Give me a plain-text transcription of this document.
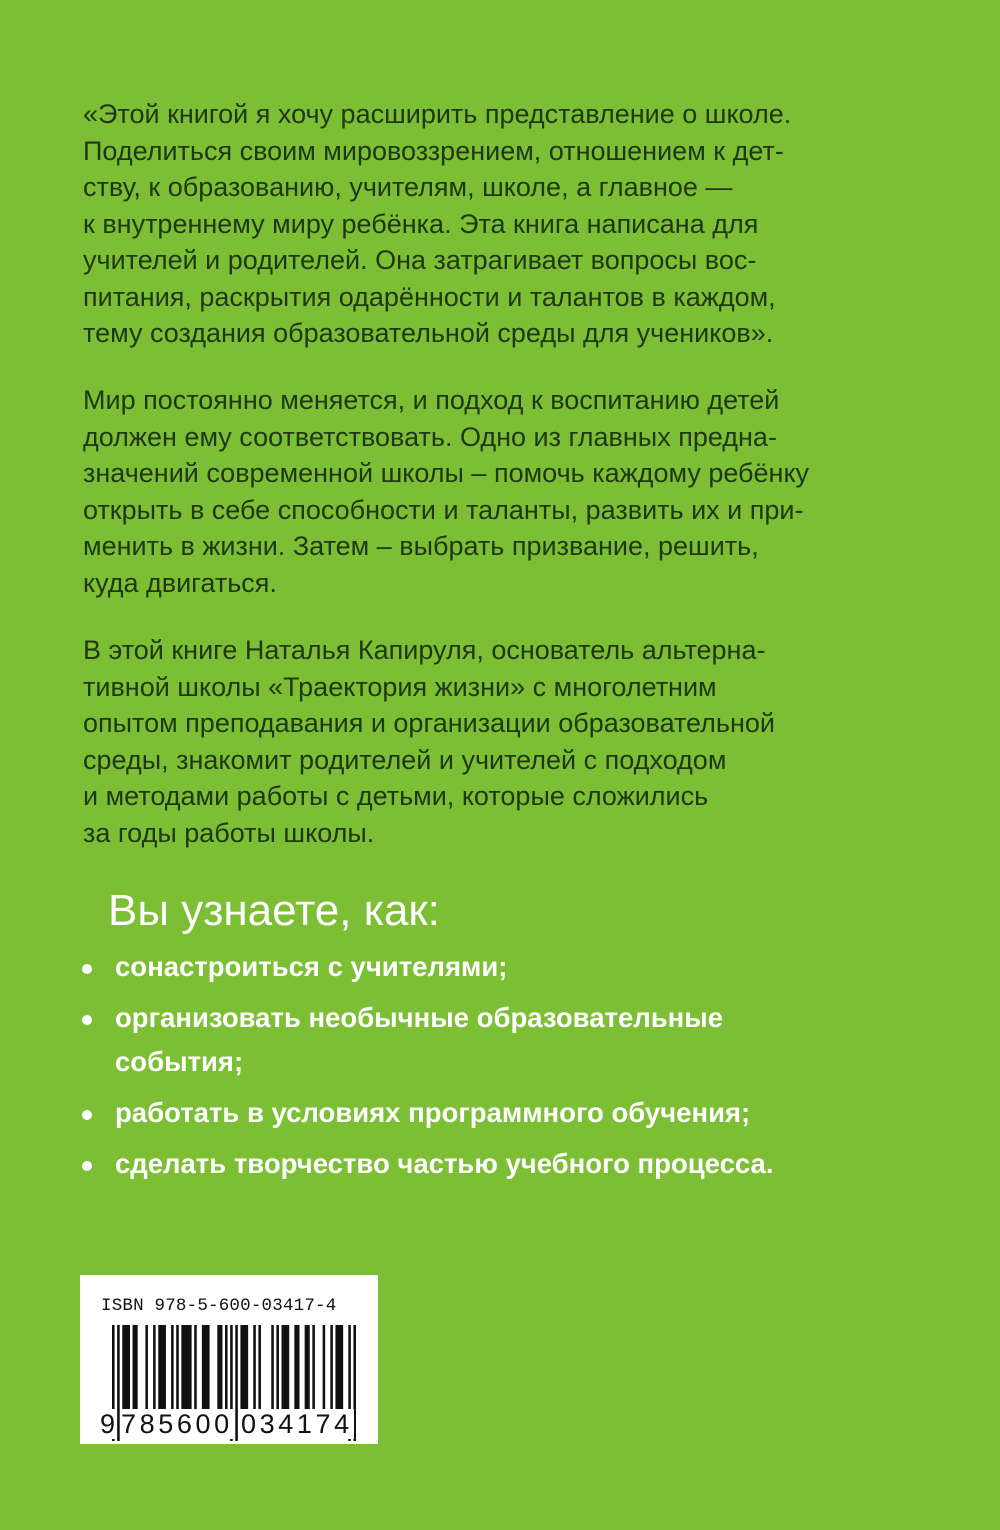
«Этой книгой я хочу расширить представление о школе.
Поделиться своим мировоззрением, отношением к дет-
ству, к образованию, учителям, школе, а главное —
к внутреннему миру ребёнка. Эта книга написана для
учителей и родителей. Она затрагивает вопросы вос-
питания, раскрытия одарённости и талантов в каждом,
тему создания образовательной среды для учеников».
Мир постоянно меняется, и подход к воспитанию детей
должен ему соответствовать. Одно из главных предна-
значений современной школы – помочь каждому ребёнку
открыть в себе способности и таланты, развить их и при-
менить в жизни. Затем – выбрать призвание, решить,
куда двигаться.
В этой книге Наталья Капируля, основатель альтерна-
тивной школы «Траектория жизни» с многолетним
опытом преподавания и организации образовательной
среды, знакомит родителей и учителей с подходом
и методами работы с детьми, которые сложились
за годы работы школы.
Вы узнаете, как:
сонастроиться с учителями;
организовать необычные образовательные
события;
работать в условиях программного обучения;
сделать творчество частью учебного процесса.
ISBN 978-5-600-03417-4
9 785600 034174
